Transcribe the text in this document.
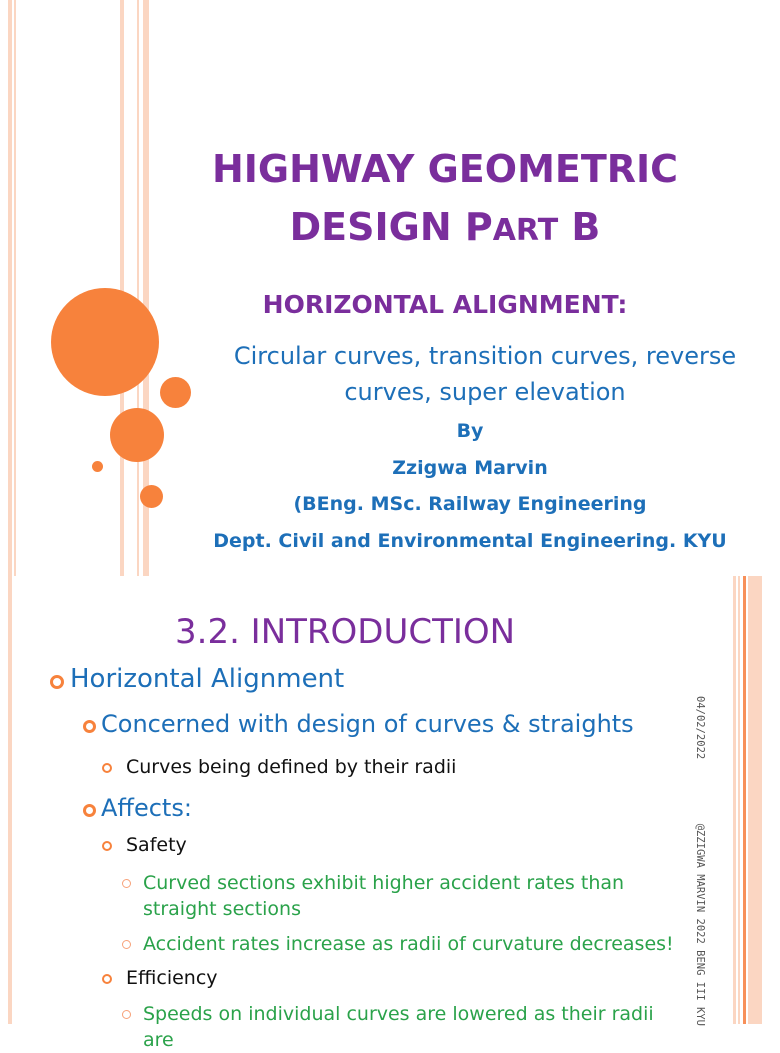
HIGHWAY GEOMETRIC
DESIGN PART B
HORIZONTAL ALIGNMENT:

Circular curves, transition curves, reverse
curves, super elevation

By

Zzigwa Marvin

(BEng. MSc. Railway Engineering

Dept. Civil and Environmental Engineering. KYU

3.2. INTRODUCTION
Horizontal Alignment
Concerned with design of curves & straights
Curves being defined by their radii
Affects:
Safety
Curved sections exhibit higher accident rates than straight sections
Accident rates increase as radii of curvature decreases!
Efficiency
Speeds on individual curves are lowered as their radii are
04/02/2022
@ZZIGWA MARVIN 2022 BENG III KYU
